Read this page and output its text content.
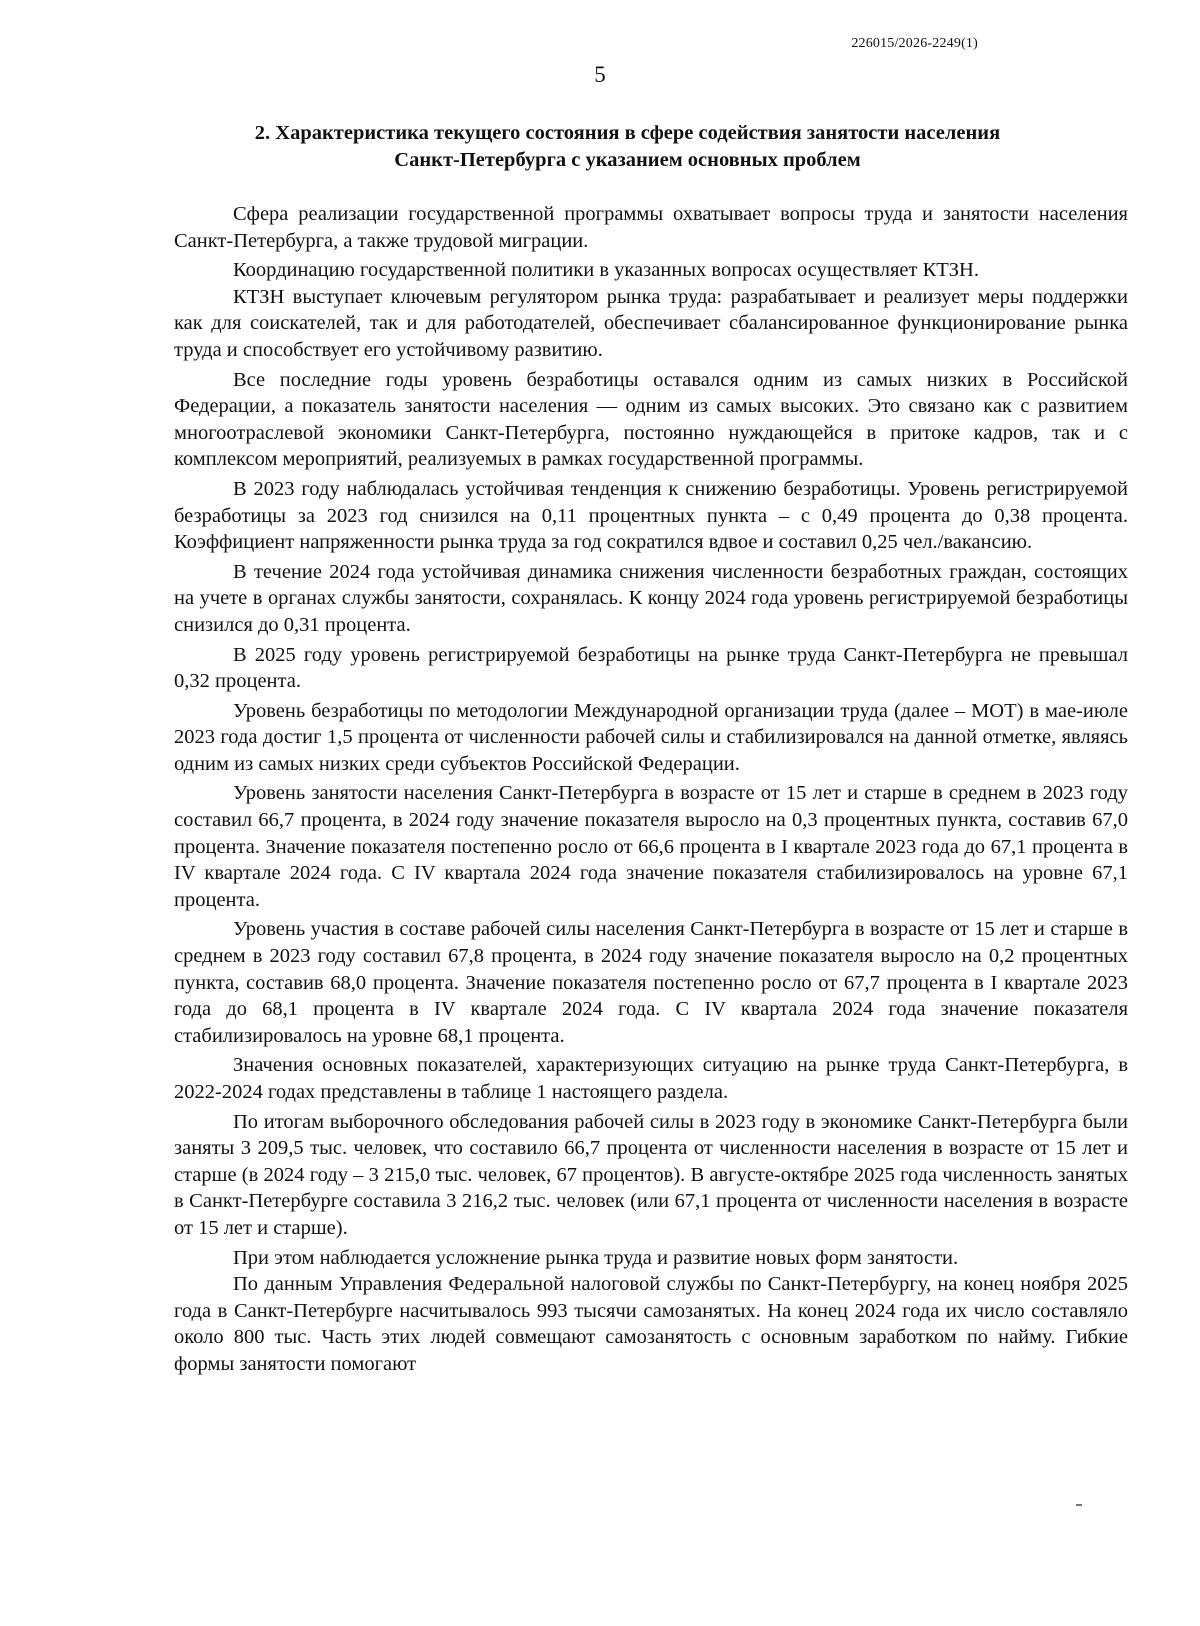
226015/2026-2249(1)
5
2. Характеристика текущего состояния в сфере содействия занятости населения
Санкт-Петербурга с указанием основных проблем

Сфера реализации государственной программы охватывает вопросы труда и занятости населения Санкт-Петербурга, а также трудовой миграции.

Координацию государственной политики в указанных вопросах осуществляет КТЗН.

КТЗН выступает ключевым регулятором рынка труда: разрабатывает и реализует меры поддержки как для соискателей, так и для работодателей, обеспечивает сбалансированное функционирование рынка труда и способствует его устойчивому развитию.

Все последние годы уровень безработицы оставался одним из самых низких в Российской Федерации, а показатель занятости населения — одним из самых высоких. Это связано как с развитием многоотраслевой экономики Санкт-Петербурга, постоянно нуждающейся в притоке кадров, так и с комплексом мероприятий, реализуемых в рамках государственной программы.

В 2023 году наблюдалась устойчивая тенденция к снижению безработицы. Уровень регистрируемой безработицы за 2023 год снизился на 0,11 процентных пункта – с 0,49 процента до 0,38 процента. Коэффициент напряженности рынка труда за год сократился вдвое и составил 0,25 чел./вакансию.

В течение 2024 года устойчивая динамика снижения численности безработных граждан, состоящих на учете в органах службы занятости, сохранялась. К концу 2024 года уровень регистрируемой безработицы снизился до 0,31 процента.

В 2025 году уровень регистрируемой безработицы на рынке труда Санкт-Петербурга не превышал 0,32 процента.

Уровень безработицы по методологии Международной организации труда (далее – МОТ) в мае-июле 2023 года достиг 1,5 процента от численности рабочей силы и стабилизировался на данной отметке, являясь одним из самых низких среди субъектов Российской Федерации.

Уровень занятости населения Санкт-Петербурга в возрасте от 15 лет и старше в среднем в 2023 году составил 66,7 процента, в 2024 году значение показателя выросло на 0,3 процентных пункта, составив 67,0 процента. Значение показателя постепенно росло от 66,6 процента в I квартале 2023 года до 67,1 процента в IV квартале 2024 года. С IV квартала 2024 года значение показателя стабилизировалось на уровне 67,1 процента.

Уровень участия в составе рабочей силы населения Санкт-Петербурга в возрасте от 15 лет и старше в среднем в 2023 году составил 67,8 процента, в 2024 году значение показателя выросло на 0,2 процентных пункта, составив 68,0 процента. Значение показателя постепенно росло от 67,7 процента в I квартале 2023 года до 68,1 процента в IV квартале 2024 года. С IV квартала 2024 года значение показателя стабилизировалось на уровне 68,1 процента.

Значения основных показателей, характеризующих ситуацию на рынке труда Санкт-Петербурга, в 2022-2024 годах представлены в таблице 1 настоящего раздела.

По итогам выборочного обследования рабочей силы в 2023 году в экономике Санкт-Петербурга были заняты 3 209,5 тыс. человек, что составило 66,7 процента от численности населения в возрасте от 15 лет и старше (в 2024 году – 3 215,0 тыс. человек, 67 процентов). В августе-октябре 2025 года численность занятых в Санкт-Петербурге составила 3 216,2 тыс. человек (или 67,1 процента от численности населения в возрасте от 15 лет и старше).

При этом наблюдается усложнение рынка труда и развитие новых форм занятости.

По данным Управления Федеральной налоговой службы по Санкт-Петербургу, на конец ноября 2025 года в Санкт-Петербурге насчитывалось 993 тысячи самозанятых. На конец 2024 года их число составляло около 800 тыс. Часть этих людей совмещают самозанятость с основным заработком по найму. Гибкие формы занятости помогают
